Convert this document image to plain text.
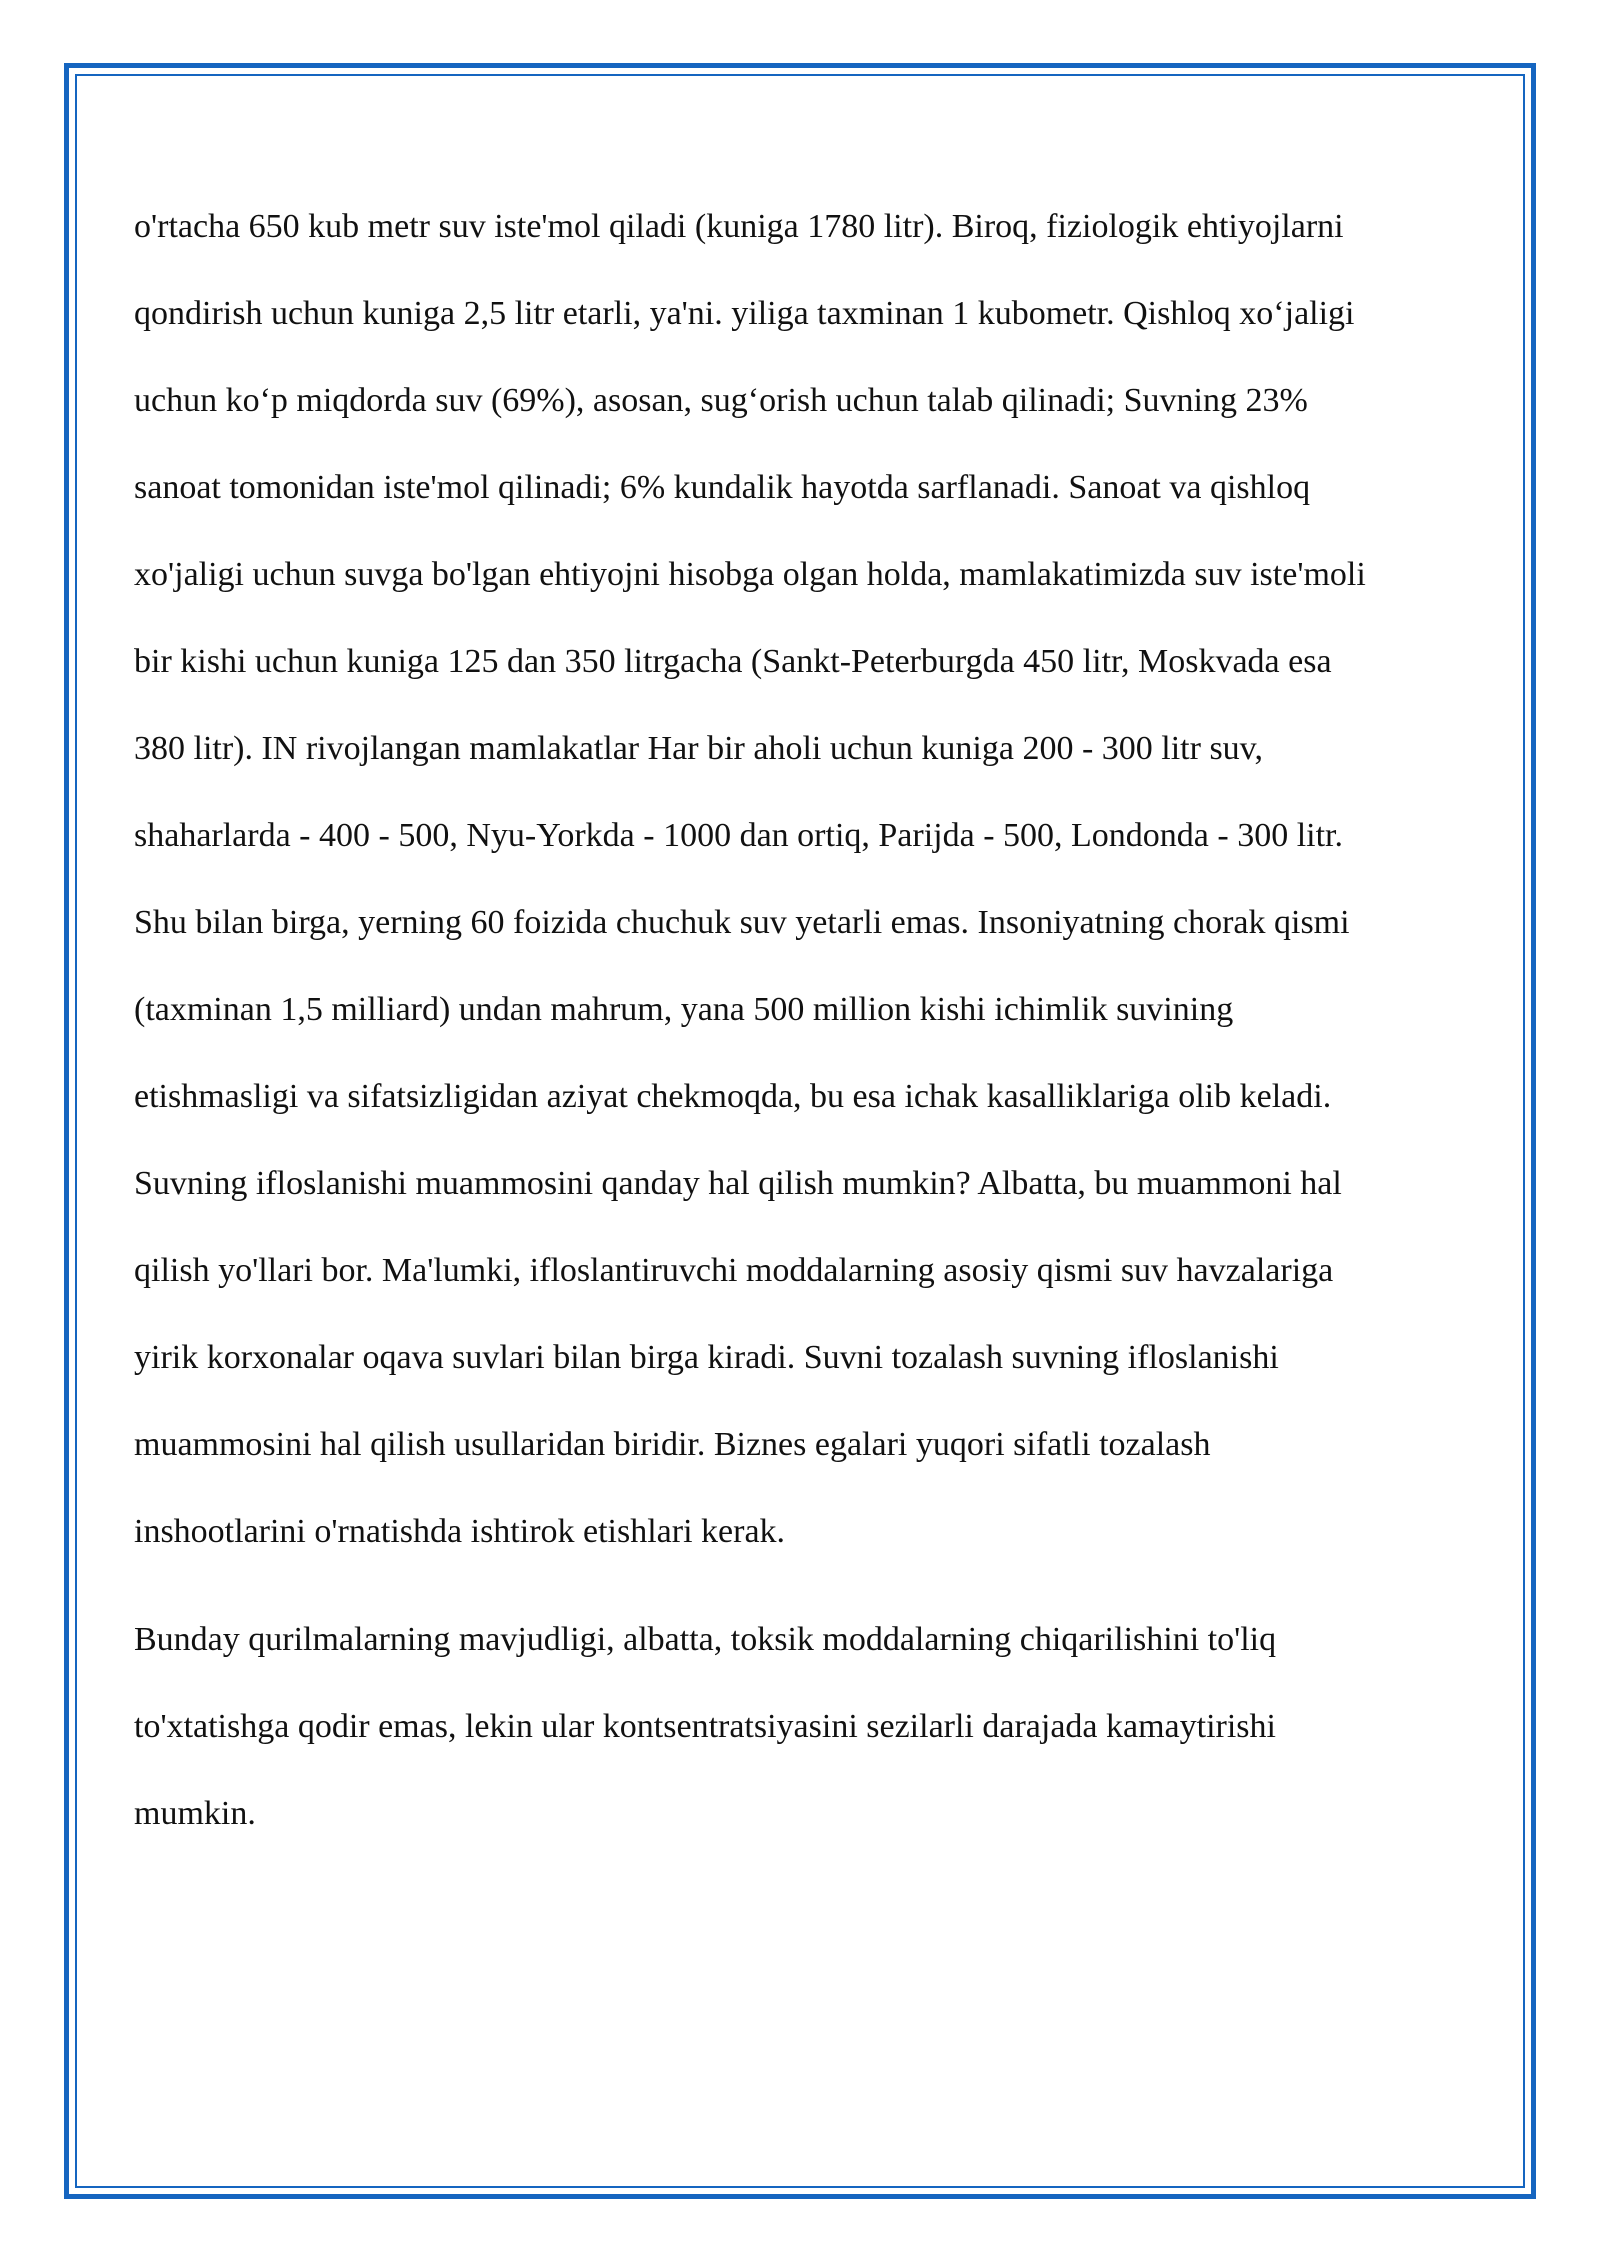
o'rtacha 650 kub metr suv iste'mol qiladi (kuniga 1780 litr). Biroq, fiziologik ehtiyojlarni
qondirish uchun kuniga 2,5 litr etarli, ya'ni. yiliga taxminan 1 kubometr. Qishloq xoʻjaligi
uchun koʻp miqdorda suv (69%), asosan, sugʻorish uchun talab qilinadi; Suvning 23%
sanoat tomonidan iste'mol qilinadi; 6% kundalik hayotda sarflanadi. Sanoat va qishloq
xo'jaligi uchun suvga bo'lgan ehtiyojni hisobga olgan holda, mamlakatimizda suv iste'moli
bir kishi uchun kuniga 125 dan 350 litrgacha (Sankt-Peterburgda 450 litr, Moskvada esa
380 litr). IN rivojlangan mamlakatlar Har bir aholi uchun kuniga 200 - 300 litr suv,
shaharlarda - 400 - 500, Nyu-Yorkda - 1000 dan ortiq, Parijda - 500, Londonda - 300 litr.
Shu bilan birga, yerning 60 foizida chuchuk suv yetarli emas. Insoniyatning chorak qismi
(taxminan 1,5 milliard) undan mahrum, yana 500 million kishi ichimlik suvining
etishmasligi va sifatsizligidan aziyat chekmoqda, bu esa ichak kasalliklariga olib keladi.
Suvning ifloslanishi muammosini qanday hal qilish mumkin? Albatta, bu muammoni hal
qilish yo'llari bor. Ma'lumki, ifloslantiruvchi moddalarning asosiy qismi suv havzalariga
yirik korxonalar oqava suvlari bilan birga kiradi. Suvni tozalash suvning ifloslanishi
muammosini hal qilish usullaridan biridir. Biznes egalari yuqori sifatli tozalash
inshootlarini o'rnatishda ishtirok etishlari kerak.

Bunday qurilmalarning mavjudligi, albatta, toksik moddalarning chiqarilishini to'liq
to'xtatishga qodir emas, lekin ular kontsentratsiyasini sezilarli darajada kamaytirishi
mumkin.
